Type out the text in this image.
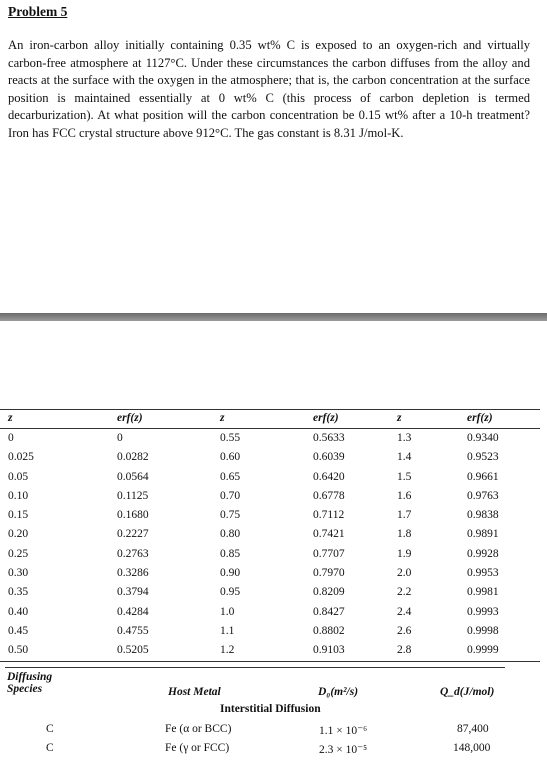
Problem 5
An iron-carbon alloy initially containing 0.35 wt% C is exposed to an oxygen-rich and virtually carbon-free atmosphere at 1127°C. Under these circumstances the carbon diffuses from the alloy and reacts at the surface with the oxygen in the atmosphere; that is, the carbon concentration at the surface position is maintained essentially at 0 wt% C (this process of carbon depletion is termed decarburization). At what position will the carbon concentration be 0.15 wt% after a 10-h treatment? Iron has FCC crystal structure above 912°C. The gas constant is 8.31 J/mol-K.
z	erf(z)	z	erf(z)	z	erf(z)
0	0	0.55	0.5633	1.3	0.9340
0.025	0.0282	0.60	0.6039	1.4	0.9523
0.05	0.0564	0.65	0.6420	1.5	0.9661
0.10	0.1125	0.70	0.6778	1.6	0.9763
0.15	0.1680	0.75	0.7112	1.7	0.9838
0.20	0.2227	0.80	0.7421	1.8	0.9891
0.25	0.2763	0.85	0.7707	1.9	0.9928
0.30	0.3286	0.90	0.7970	2.0	0.9953
0.35	0.3794	0.95	0.8209	2.2	0.9981
0.40	0.4284	1.0	0.8427	2.4	0.9993
0.45	0.4755	1.1	0.8802	2.6	0.9998
0.50	0.5205	1.2	0.9103	2.8	0.9999
Diffusing
Species	Host Metal	D₀(m²/s)	Q_d(J/mol)
Interstitial Diffusion
C	Fe (α or BCC)	1.1 × 10⁻⁶	87,400
C	Fe (γ or FCC)	2.3 × 10⁻⁵	148,000
